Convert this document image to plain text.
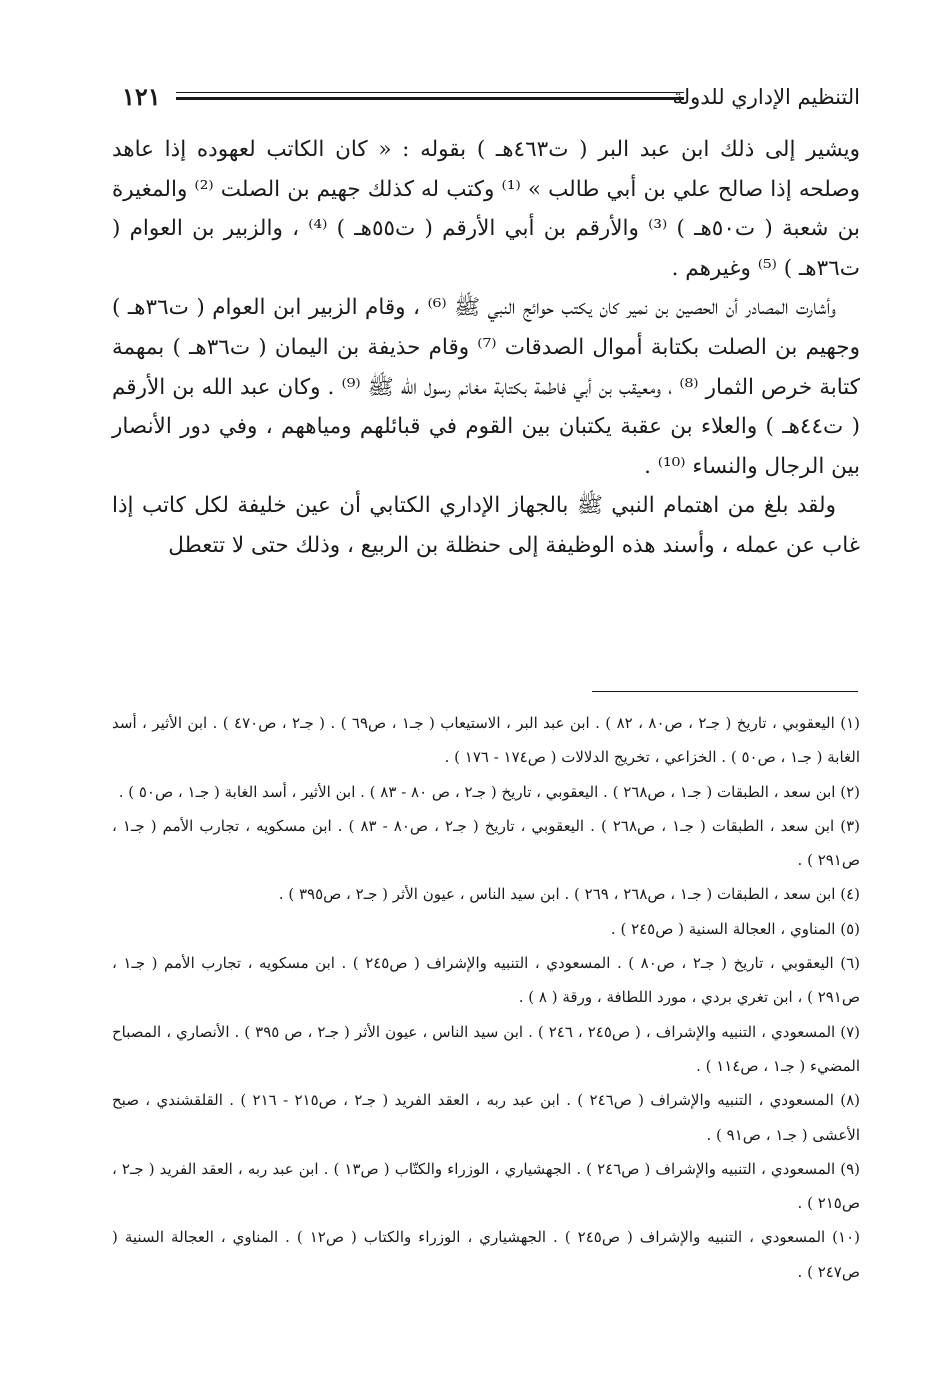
١٢١	التنظيم الإداري للدولة

ويشير إلى ذلك ابن عبد البر ( ت٤٦٣هـ ) بقوله : « كان الكاتب لعهوده إذا عاهد وصلحه إذا صالح علي بن أبي طالب » ⁽¹⁾ وكتب له كذلك جهيم بن الصلت ⁽²⁾ والمغيرة بن شعبة ( ت٥٠هـ ) ⁽³⁾ والأرقم بن أبي الأرقم ( ت٥٥هـ ) ⁽⁴⁾ ، والزبير بن العوام ( ت٣٦هـ ) ⁽⁵⁾ وغيرهم .

وأشارت المصادر أن الحصين بن نمير كان يكتب حوائج النبي ﷺ ⁽⁶⁾ ، وقام الزبير ابن العوام ( ت٣٦هـ ) وجهيم بن الصلت بكتابة أموال الصدقات ⁽⁷⁾ وقام حذيفة بن اليمان ( ت٣٦هـ ) بمهمة كتابة خرص الثمار ⁽⁸⁾ ، ومعيقب بن أبي فاطمة بكتابة مغانم رسول الله ﷺ ⁽⁹⁾ . وكان عبد الله بن الأرقم ( ت٤٤هـ ) والعلاء بن عقبة يكتبان بين القوم في قبائلهم ومياههم ، وفي دور الأنصار بين الرجال والنساء ⁽¹⁰⁾ .

ولقد بلغ من اهتمام النبي ﷺ بالجهاز الإداري الكتابي أن عين خليفة لكل كاتب إذا غاب عن عمله ، وأسند هذه الوظيفة إلى حنظلة بن الربيع ، وذلك حتى لا تتعطل

(١) اليعقوبي ، تاريخ ( جـ٢ ، ص٨٠ ، ٨٢ ) . ابن عبد البر ، الاستيعاب ( جـ١ ، ص٦٩ ) . ( جـ٢ ، ص٤٧٠ ) . ابن الأثير ، أسد الغابة ( جـ١ ، ص٥٠ ) . الخزاعي ، تخريج الدلالات ( ص١٧٤ - ١٧٦ ) .

(٢) ابن سعد ، الطبقات ( جـ١ ، ص٢٦٨ ) . اليعقوبي ، تاريخ ( جـ٢ ، ص ٨٠ - ٨٣ ) . ابن الأثير ، أسد الغابة ( جـ١ ، ص٥٠ ) .

(٣) ابن سعد ، الطبقات ( جـ١ ، ص٢٦٨ ) . اليعقوبي ، تاريخ ( جـ٢ ، ص٨٠ - ٨٣ ) . ابن مسكويه ، تجارب الأمم ( جـ١ ، ص٢٩١ ) .

(٤) ابن سعد ، الطبقات ( جـ١ ، ص٢٦٨ ، ٢٦٩ ) . ابن سيد الناس ، عيون الأثر ( جـ٢ ، ص٣٩٥ ) .

(٥) المناوي ، العجالة السنية ( ص٢٤٥ ) .

(٦) اليعقوبي ، تاريخ ( جـ٢ ، ص٨٠ ) . المسعودي ، التنبيه والإشراف ( ص٢٤٥ ) . ابن مسكويه ، تجارب الأمم ( جـ١ ، ص٢٩١ ) ، ابن تغري بردي ، مورد اللطافة ، ورقة ( ٨ ) .

(٧) المسعودي ، التنبيه والإشراف ، ( ص٢٤٥ ، ٢٤٦ ) . ابن سيد الناس ، عيون الأثر ( جـ٢ ، ص ٣٩٥ ) . الأنصاري ، المصباح المضيء ( جـ١ ، ص١١٤ ) .

(٨) المسعودي ، التنبيه والإشراف ( ص٢٤٦ ) . ابن عبد ربه ، العقد الفريد ( جـ٢ ، ص٢١٥ - ٢١٦ ) . القلقشندي ، صبح الأعشى ( جـ١ ، ص٩١ ) .

(٩) المسعودي ، التنبيه والإشراف ( ص٢٤٦ ) . الجهشياري ، الوزراء والكتّاب ( ص١٣ ) . ابن عبد ربه ، العقد الفريد ( جـ٢ ، ص٢١٥ ) .

(١٠) المسعودي ، التنبيه والإشراف ( ص٢٤٥ ) . الجهشياري ، الوزراء والكتاب ( ص١٢ ) . المناوي ، العجالة السنية ( ص٢٤٧ ) .
